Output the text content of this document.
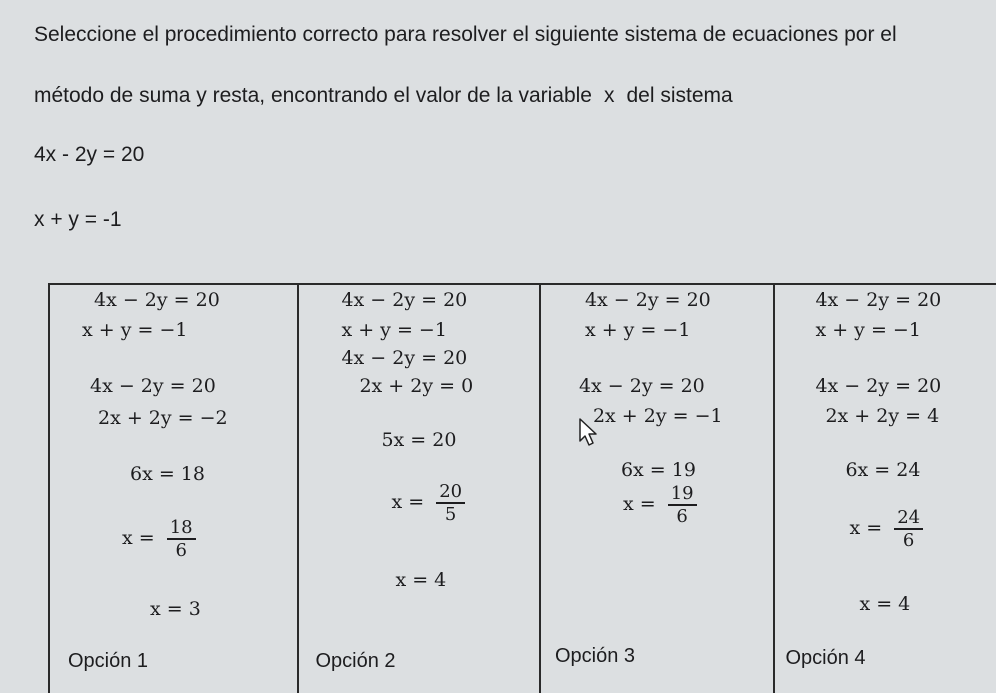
Seleccione el procedimiento correcto para resolver el siguiente sistema de ecuaciones por el
método de suma y resta, encontrando el valor de la variable x del sistema
4x - 2y = 20
x + y = -1
4x − 2y = 20
x + y = −1
4x − 2y = 20
2x + 2y = −2
6x = 18
$x = \frac{18}{6}$
x = 3
Opción 1
4x − 2y = 20
x + y = −1
4x − 2y = 20
2x + 2y = 0
5x = 20
$x = \frac{20}{5}$
x = 4
Opción 2
4x − 2y = 20
x + y = −1
4x − 2y = 20
2x + 2y = −1
6x = 19
$x = \frac{19}{6}$
Opción 3
4x − 2y = 20
x + y = −1
4x − 2y = 20
2x + 2y = 4
6x = 24
$x = \frac{24}{6}$
x = 4
Opción 4
